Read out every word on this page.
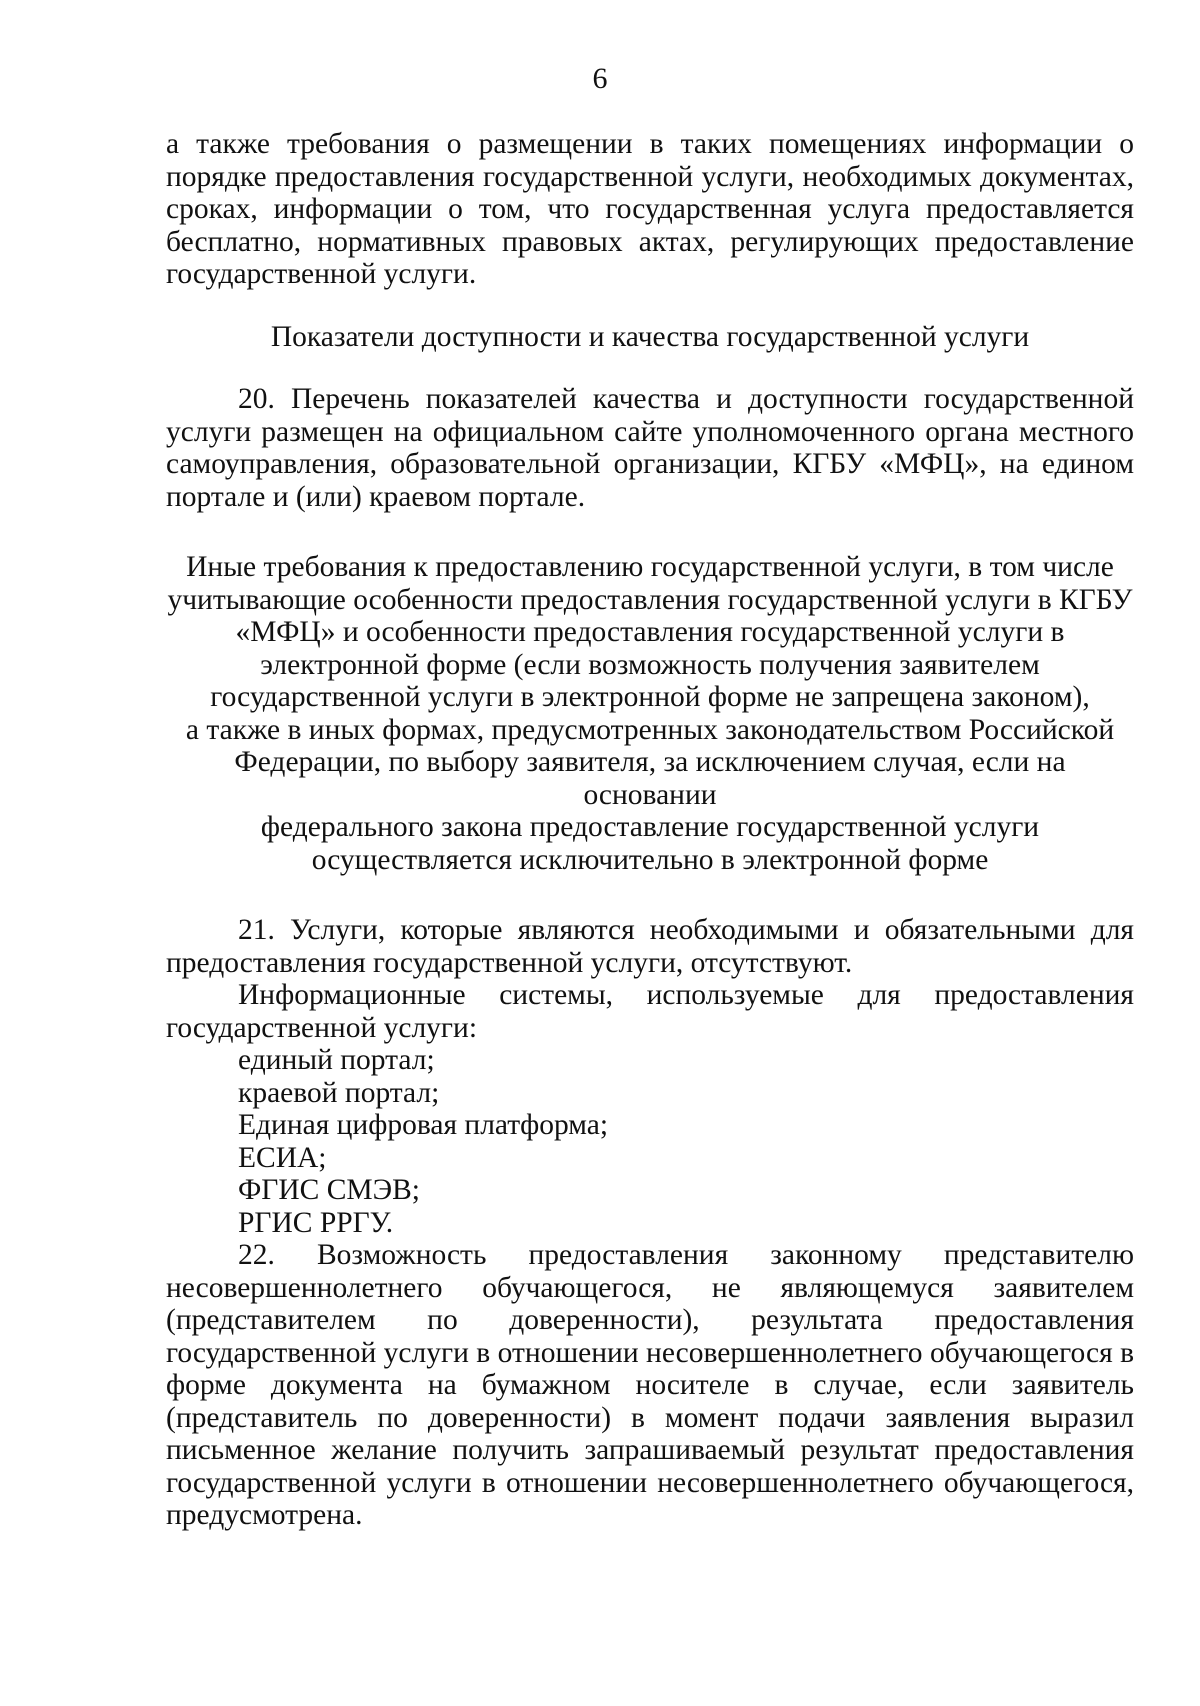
6

а также требования о размещении в таких помещениях информации о порядке предоставления государственной услуги, необходимых документах, сроках, информации о том, что государственная услуга предоставляется бесплатно, нормативных правовых актах, регулирующих предоставление государственной услуги.

Показатели доступности и качества государственной услуги

20. Перечень показателей качества и доступности государственной услуги размещен на официальном сайте уполномоченного органа местного самоуправления, образовательной организации, КГБУ «МФЦ», на едином портале и (или) краевом портале.

Иные требования к предоставлению государственной услуги, в том числе
учитывающие особенности предоставления государственной услуги в КГБУ
«МФЦ» и особенности предоставления государственной услуги в
электронной форме (если возможность получения заявителем
государственной услуги в электронной форме не запрещена законом),
а также в иных формах, предусмотренных законодательством Российской
Федерации, по выбору заявителя, за исключением случая, если на основании
федерального закона предоставление государственной услуги
осуществляется исключительно в электронной форме

21. Услуги, которые являются необходимыми и обязательными для предоставления государственной услуги, отсутствуют.

Информационные системы, используемые для предоставления

государственной услуги:

единый портал;

краевой портал;

Единая цифровая платформа;

ЕСИА;

ФГИС СМЭВ;

РГИС РРГУ.

22. Возможность предоставления законному представителю несовершеннолетнего обучающегося, не являющемуся заявителем (представителем по доверенности), результата предоставления государственной услуги в отношении несовершеннолетнего обучающегося в форме документа на бумажном носителе в случае, если заявитель (представитель по доверенности) в момент подачи заявления выразил письменное желание получить запрашиваемый результат предоставления государственной услуги в отношении несовершеннолетнего обучающегося, предусмотрена.
